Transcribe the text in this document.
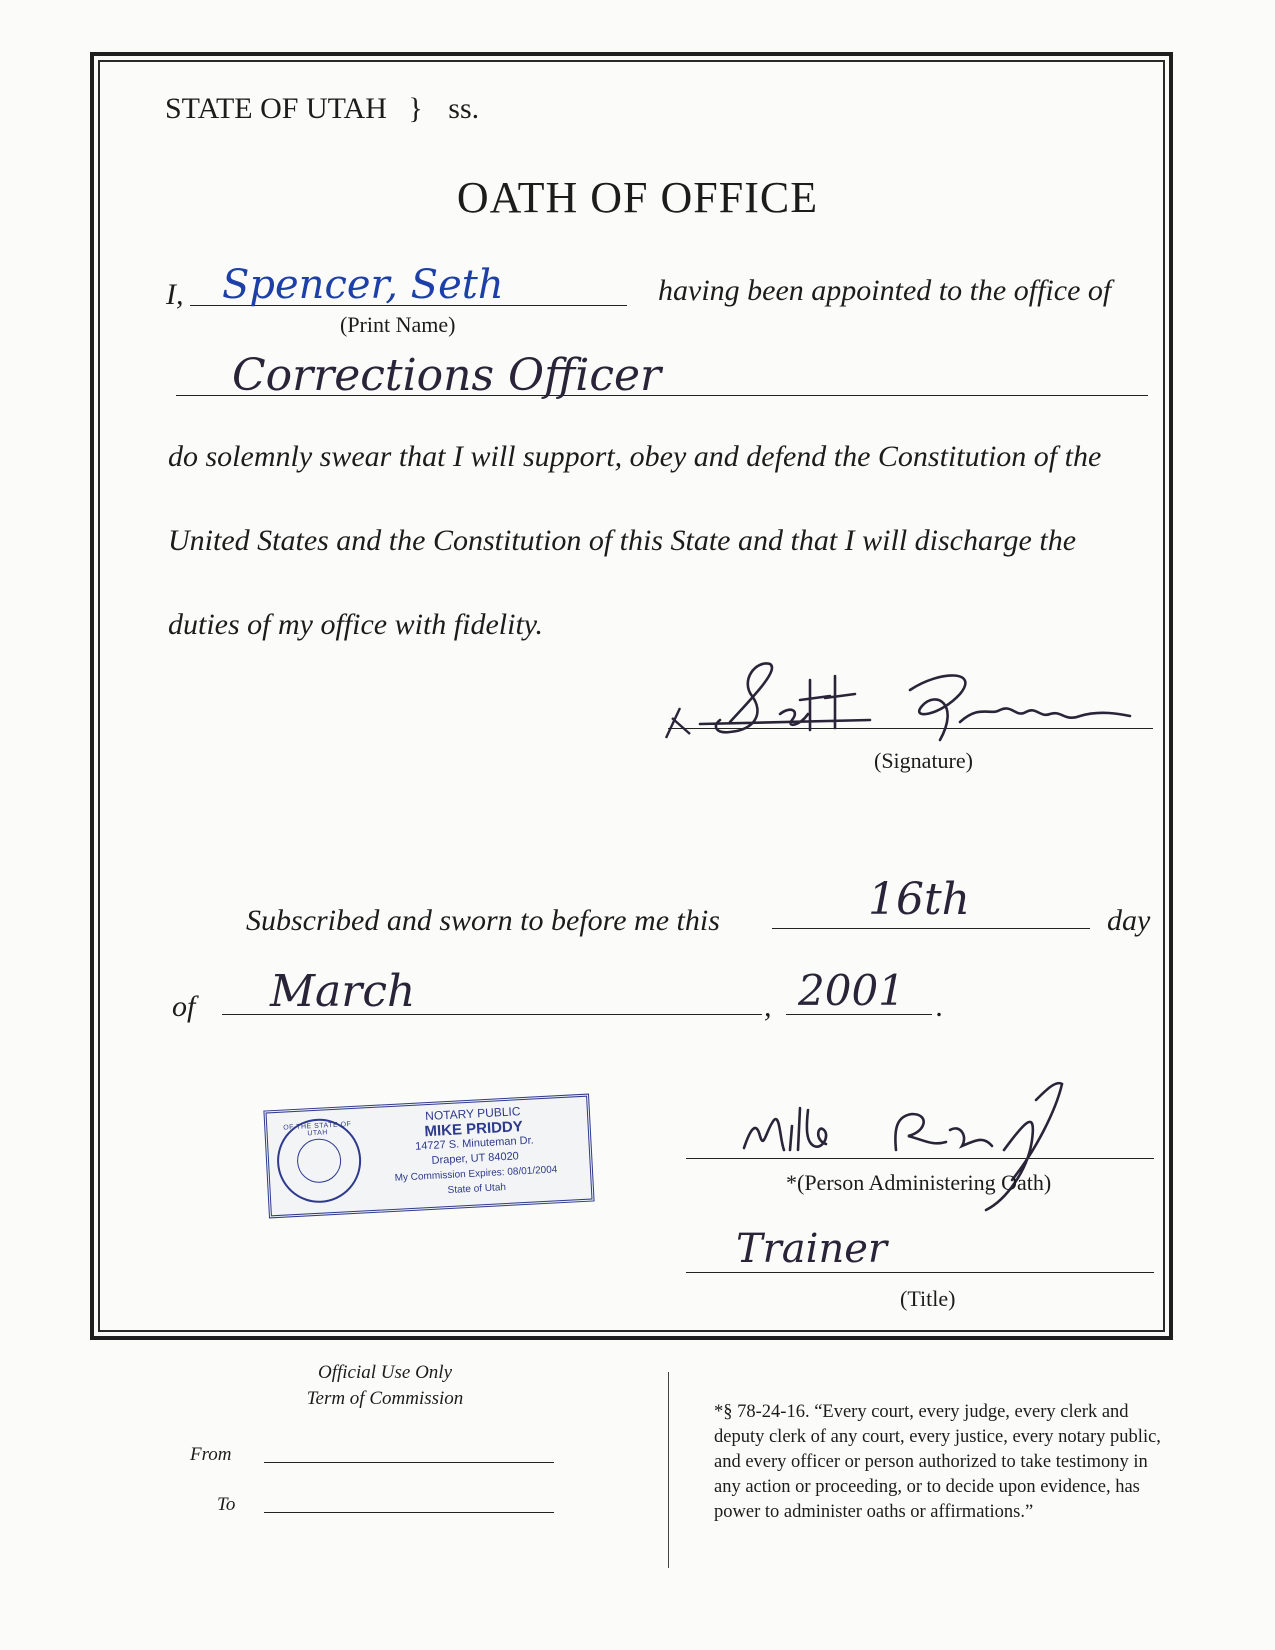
STATE OF UTAH } ss.
OATH OF OFFICE
I, Spencer, Seth
(Print Name)
having been appointed to the office of
Corrections Officer
do solemnly swear that I will support, obey and defend the Constitution of the
United States and the Constitution of this State and that I will discharge the
duties of my office with fidelity.
(Signature)
Subscribed and sworn to before me this	16th	day
of March	, 2001 .
OF THE STATE OF UTAH
NOTARY PUBLIC
MIKE PRIDDY
14727 S. Minuteman Dr.
Draper, UT 84020
My Commission Expires: 08/01/2004
State of Utah	*(Person Administering Oath)
Trainer
(Title)
Official Use Only
Term of Commission
From
To
*§ 78-24-16. “Every court, every judge, every clerk and
deputy clerk of any court, every justice, every notary public,
and every officer or person authorized to take testimony in
any action or proceeding, or to decide upon evidence, has
power to administer oaths or affirmations.”
